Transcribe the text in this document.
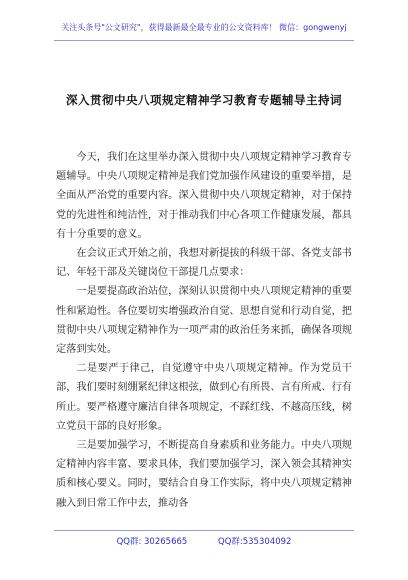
关注头条号"公文研究"，获得最新最全最专业的公文资料库！ 微信：gongwenyj
深入贯彻中央八项规定精神学习教育专题辅导主持词

今天，我们在这里举办深入贯彻中央八项规定精神学习教育专题辅导。中央八项规定精神是我们党加强作风建设的重要举措，是全面从严治党的重要内容。深入贯彻中央八项规定精神，对于保持党的先进性和纯洁性，对于推动我们中心各项工作健康发展，都具有十分重要的意义。

在会议正式开始之前，我想对新提拔的科级干部、各党支部书记、年轻干部及关键岗位干部提几点要求：

一是要提高政治站位，深刻认识贯彻中央八项规定精神的重要性和紧迫性。各位要切实增强政治自觉、思想自觉和行动自觉，把贯彻中央八项规定精神作为一项严肃的政治任务来抓，确保各项规定落到实处。

二是要严于律己，自觉遵守中央八项规定精神。作为党员干部，我们要时刻绷紧纪律这根弦，做到心有所畏、言有所戒、行有所止。要严格遵守廉洁自律各项规定，不踩红线、不越高压线，树立党员干部的良好形象。

三是要加强学习，不断提高自身素质和业务能力。中央八项规定精神内容丰富、要求具体，我们要加强学习，深入领会其精神实质和核心要义。同时，要结合自身工作实际，将中央八项规定精神融入到日常工作中去，推动各

QQ群: 30265665	QQ群:535304092
